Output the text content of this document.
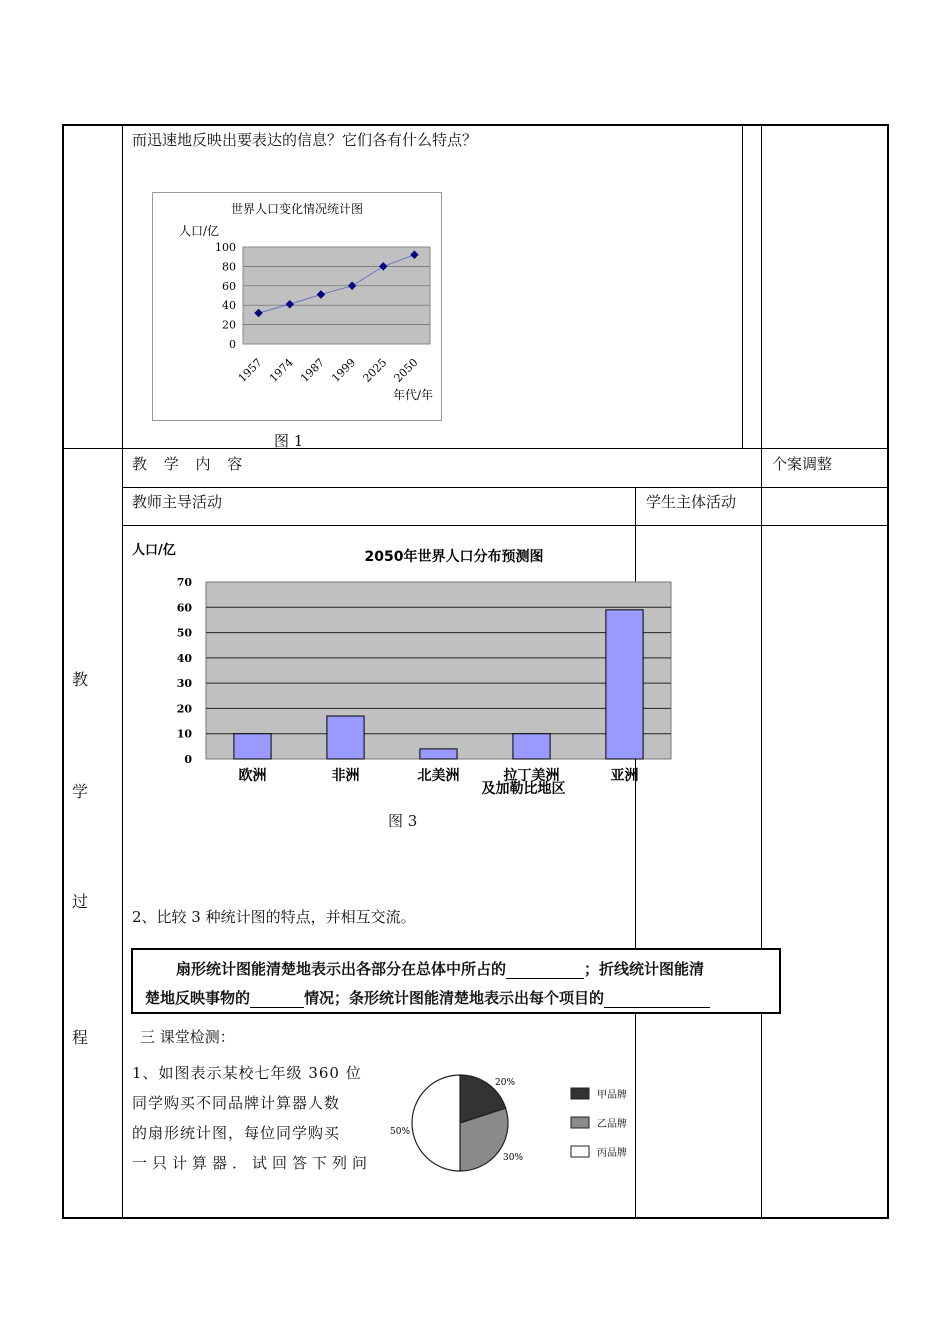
而迅速地反映出要表达的信息？它们各有什么特点？
世界人口变化情况统计图
人口/亿
100
80
60
40
20
0
1957 1974 1987 1999 2025 2050
年代/年
图 1
教 学 内 容	个案调整
教师主导活动	学生主体活动
教
学
过
程
人口/亿	2050年世界人口分布预测图
70
60
50
40
30
20
10
0
欧洲	非洲	北美洲	拉丁美洲
及加勒比地区
亚洲
图 3
2、比较 3 种统计图的特点，并相互交流。
扇形统计图能清楚地表示出各部分在总体中所占的	；折线统计图能清
楚地反映事物的	情况；条形统计图能清楚地表示出每个项目的
三 课堂检测：
1、如图表示某校七年级 360 位
同学购买不同品牌计算器人数
的扇形统计图，每位同学购买
一只计算器．试回答下列问
20%
30%
50%
甲品牌
乙品牌
丙品牌
